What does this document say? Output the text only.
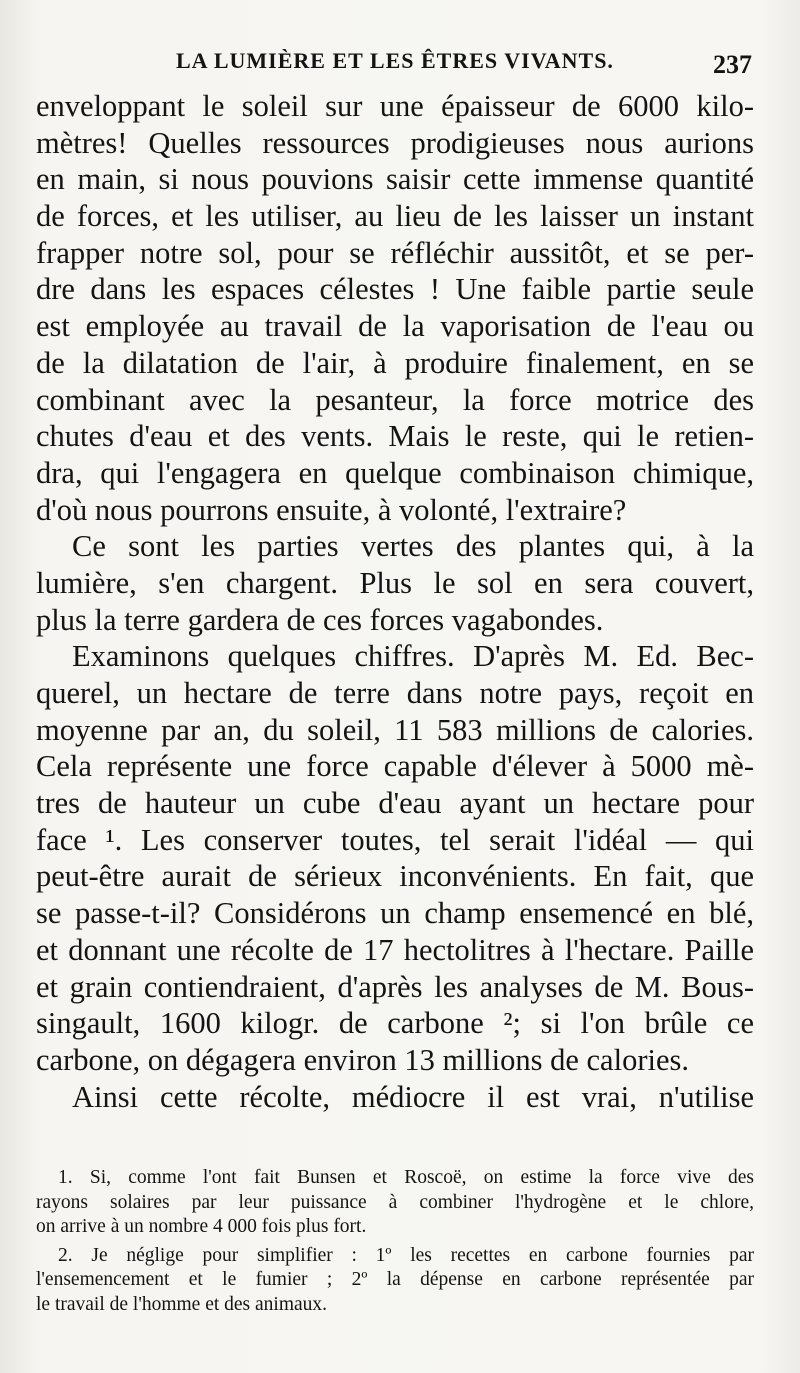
LA LUMIÈRE ET LES ÊTRES VIVANTS.	237
enveloppant le soleil sur une épaisseur de 6000 kilo-
mètres! Quelles ressources prodigieuses nous aurions
en main, si nous pouvions saisir cette immense quantité
de forces, et les utiliser, au lieu de les laisser un instant
frapper notre sol, pour se réfléchir aussitôt, et se per-
dre dans les espaces célestes ! Une faible partie seule
est employée au travail de la vaporisation de l'eau ou
de la dilatation de l'air, à produire finalement, en se
combinant avec la pesanteur, la force motrice des
chutes d'eau et des vents. Mais le reste, qui le retien-
dra, qui l'engagera en quelque combinaison chimique,
d'où nous pourrons ensuite, à volonté, l'extraire?
Ce sont les parties vertes des plantes qui, à la
lumière, s'en chargent. Plus le sol en sera couvert,
plus la terre gardera de ces forces vagabondes.
Examinons quelques chiffres. D'après M. Ed. Bec-
querel, un hectare de terre dans notre pays, reçoit en
moyenne par an, du soleil, 11 583 millions de calories.
Cela représente une force capable d'élever à 5000 mè-
tres de hauteur un cube d'eau ayant un hectare pour
face ¹. Les conserver toutes, tel serait l'idéal — qui
peut-être aurait de sérieux inconvénients. En fait, que
se passe-t-il? Considérons un champ ensemencé en blé,
et donnant une récolte de 17 hectolitres à l'hectare. Paille
et grain contiendraient, d'après les analyses de M. Bous-
singault, 1600 kilogr. de carbone ²; si l'on brûle ce
carbone, on dégagera environ 13 millions de calories.
Ainsi cette récolte, médiocre il est vrai, n'utilise
1. Si, comme l'ont fait Bunsen et Roscoë, on estime la force vive des
rayons solaires par leur puissance à combiner l'hydrogène et le chlore,
on arrive à un nombre 4 000 fois plus fort.
2. Je néglige pour simplifier : 1º les recettes en carbone fournies par
l'ensemencement et le fumier ; 2º la dépense en carbone représentée par
le travail de l'homme et des animaux.
